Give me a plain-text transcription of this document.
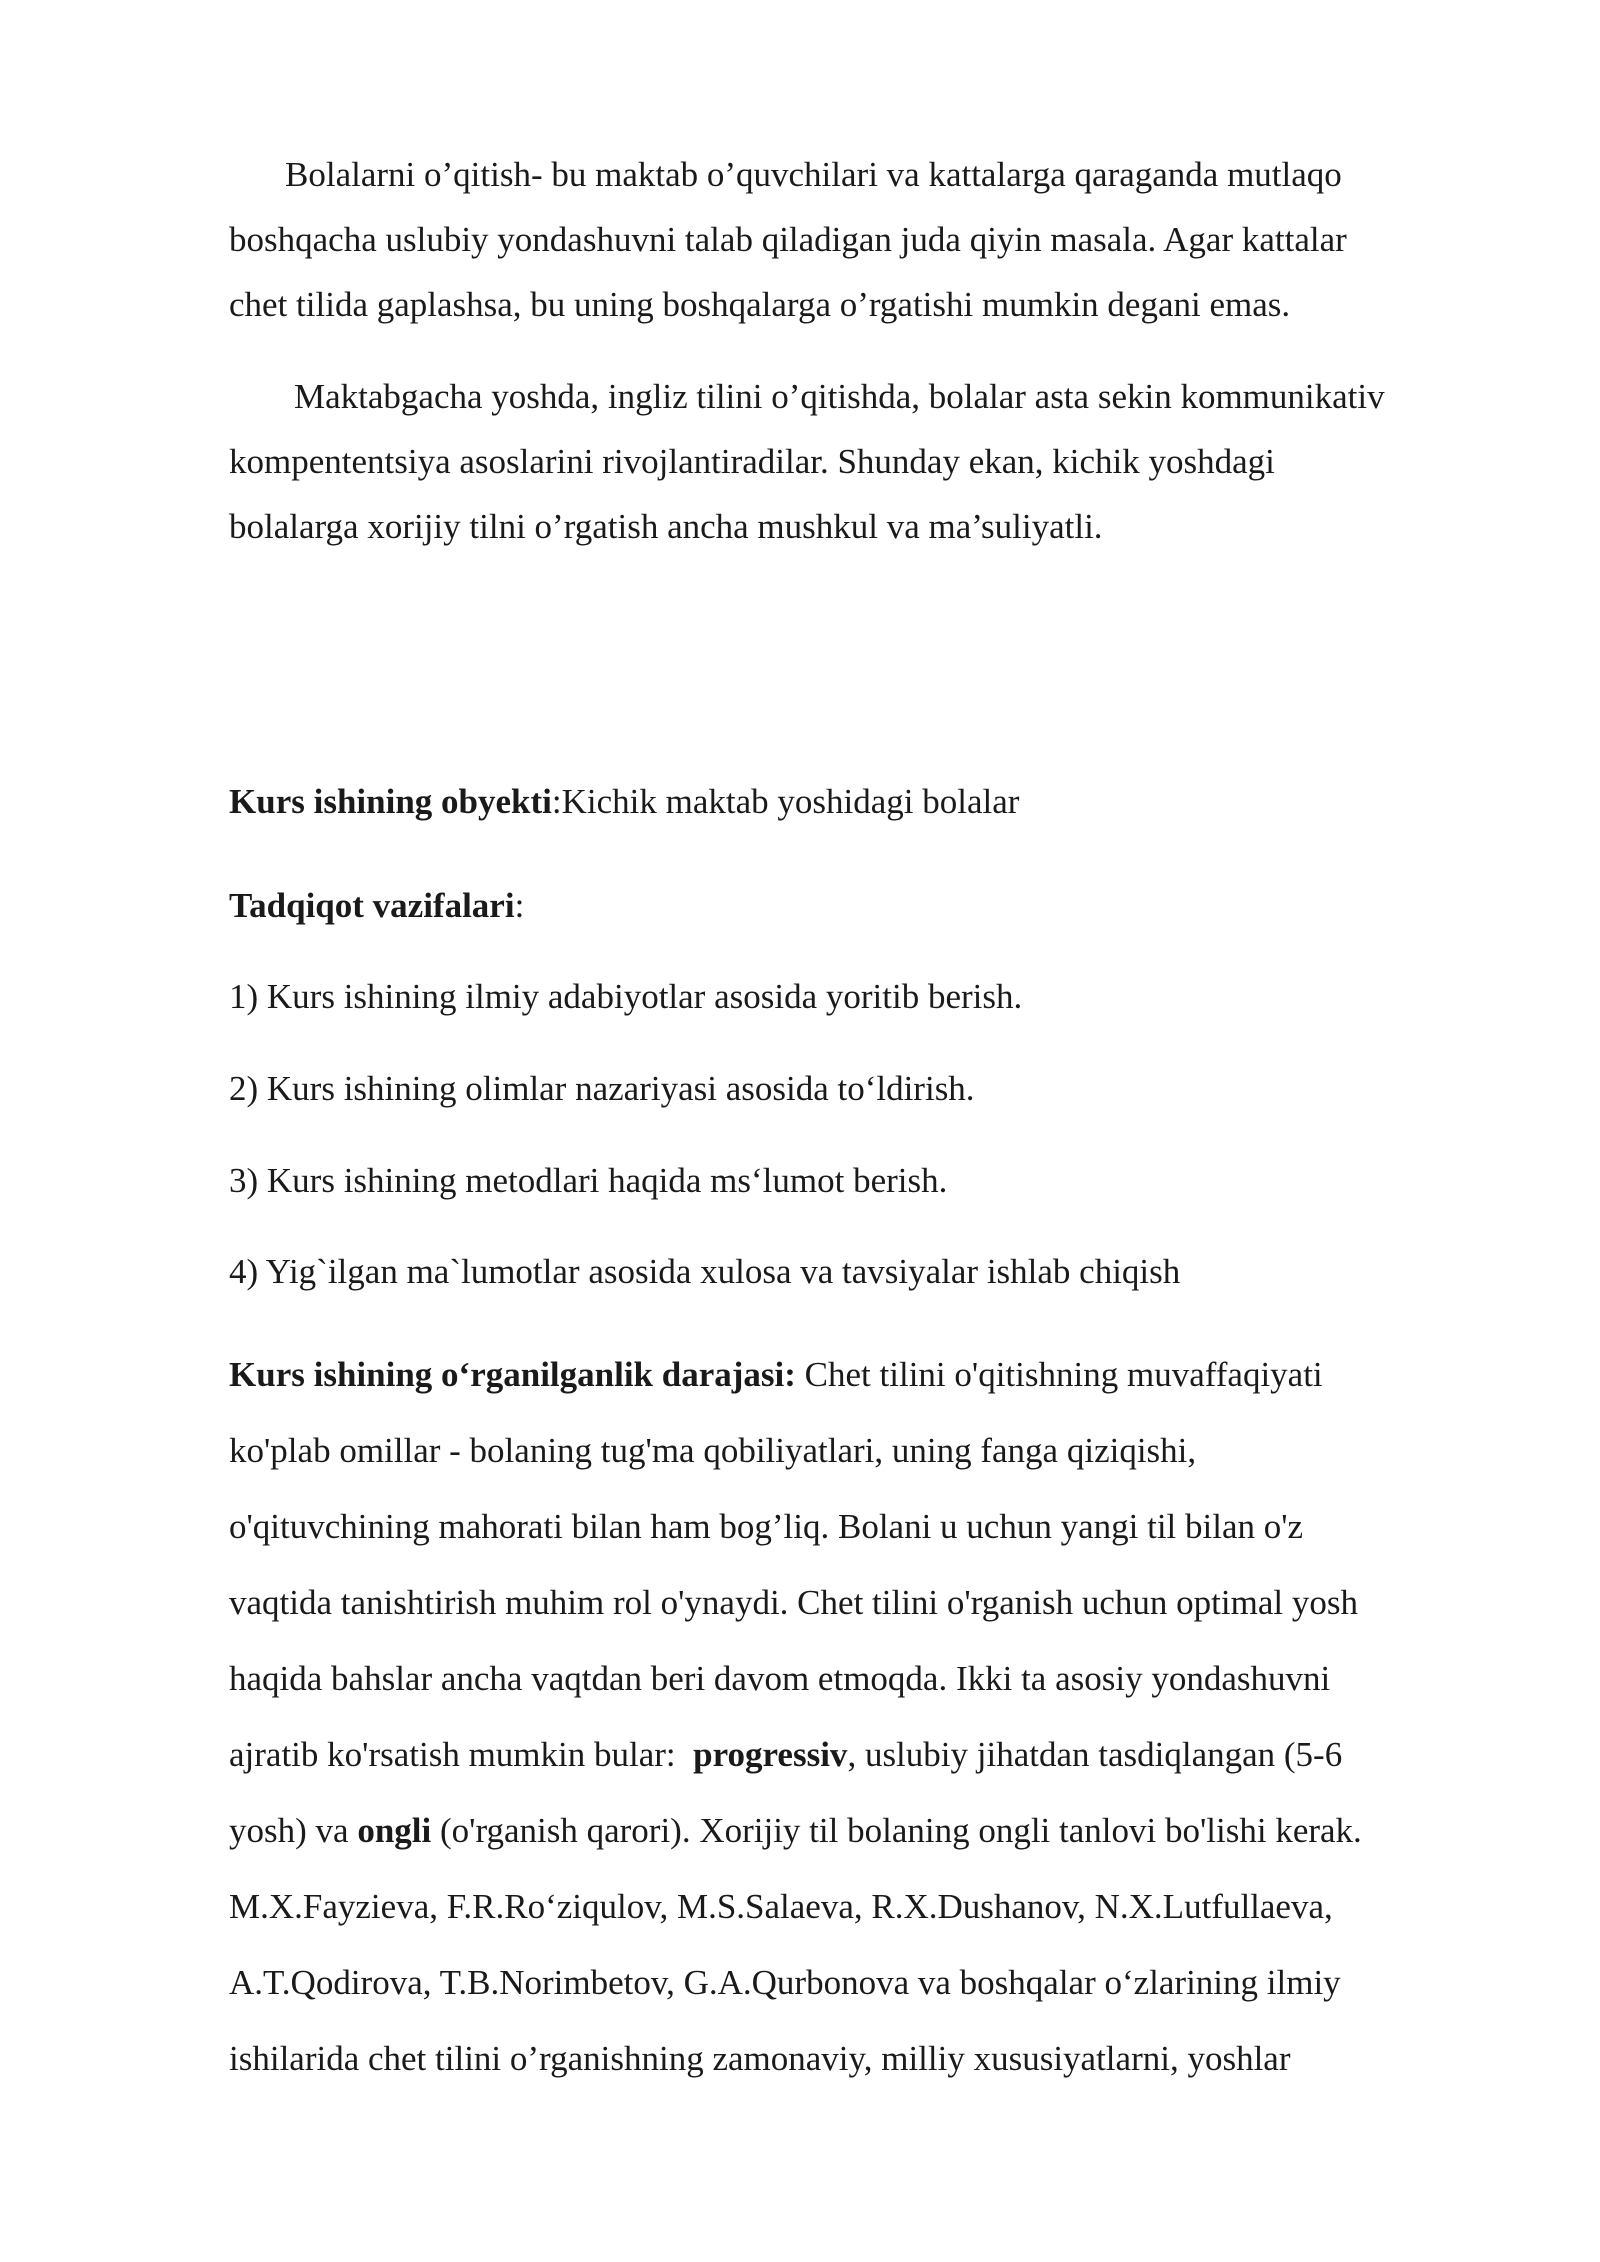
Bolalarni o’qitish- bu maktab o’quvchilari va kattalarga qaraganda mutlaqo
boshqacha uslubiy yondashuvni talab qiladigan juda qiyin masala. Agar kattalar
chet tilida gaplashsa, bu uning boshqalarga o’rgatishi mumkin degani emas.
Maktabgacha yoshda, ingliz tilini o’qitishda, bolalar asta sekin kommunikativ
kompententsiya asoslarini rivojlantiradilar. Shunday ekan, kichik yoshdagi
bolalarga xorijiy tilni o’rgatish ancha mushkul va ma’suliyatli.
Kurs ishining obyekti:Kichik maktab yoshidagi bolalar
Tadqiqot vazifalari:
1) Kurs ishining ilmiy adabiyotlar asosida yoritib berish.
2) Kurs ishining olimlar nazariyasi asosida to‘ldirish.
3) Kurs ishining metodlari haqida ms‘lumot berish.
4) Yig`ilgan ma`lumotlar asosida xulosa va tavsiyalar ishlab chiqish
Kurs ishining o‘rganilganlik darajasi: Chet tilini o'qitishning muvaffaqiyati
ko'plab omillar - bolaning tug'ma qobiliyatlari, uning fanga qiziqishi,
o'qituvchining mahorati bilan ham bog’liq. Bolani u uchun yangi til bilan o'z
vaqtida tanishtirish muhim rol o'ynaydi. Chet tilini o'rganish uchun optimal yosh
haqida bahslar ancha vaqtdan beri davom etmoqda. Ikki ta asosiy yondashuvni
ajratib ko'rsatish mumkin bular:  progressiv, uslubiy jihatdan tasdiqlangan (5-6
yosh) va ongli (o'rganish qarori). Xorijiy til bolaning ongli tanlovi bo'lishi kerak.
M.X.Fayzieva, F.R.Ro‘ziqulov, M.S.Salaeva, R.X.Dushanov, N.X.Lutfullaeva,
A.T.Qodirova, T.B.Norimbetov, G.A.Qurbonova va boshqalar o‘zlarining ilmiy
ishilarida chet tilini o’rganishning zamonaviy, milliy xususiyatlarni, yoshlar
